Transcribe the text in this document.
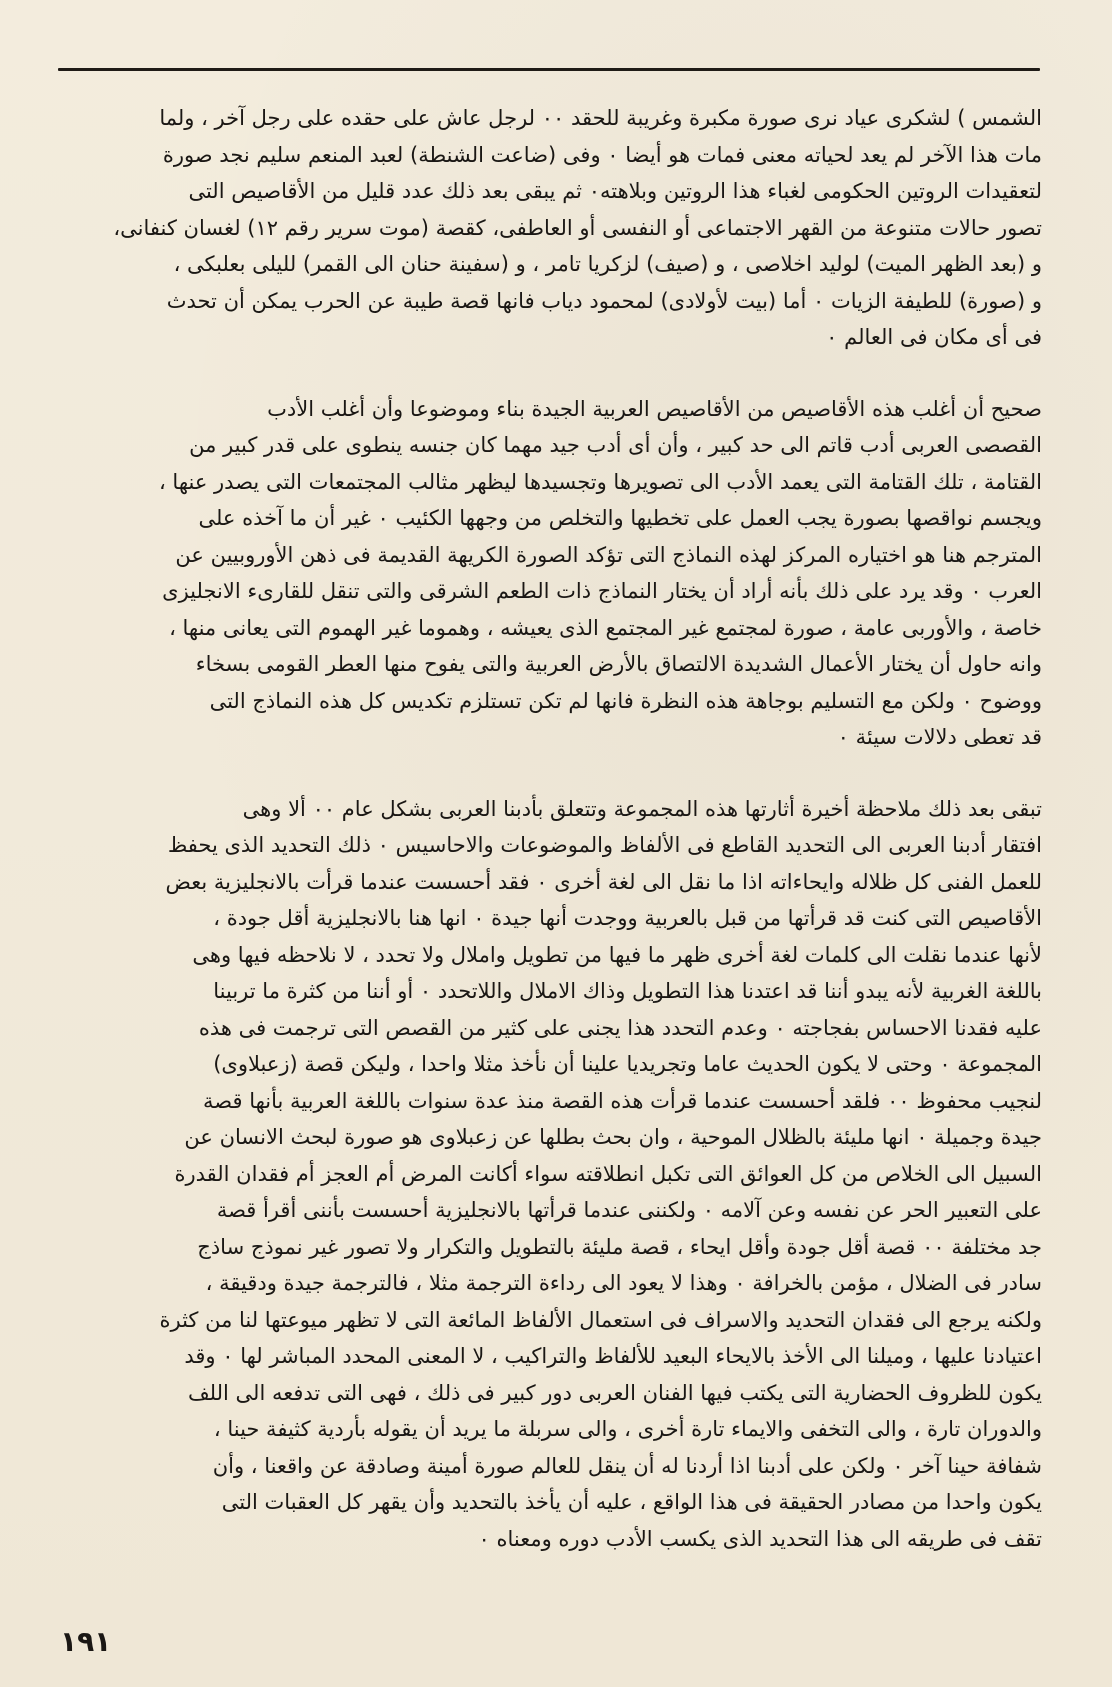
الشمس ) لشكرى عياد نرى صورة مكبرة وغريبة للحقد ٠٠ لرجل عاش على حقده على رجل آخر ، ولما
مات هذا الآخر لم يعد لحياته معنى فمات هو أيضا ٠ وفى (ضاعت الشنطة) لعبد المنعم سليم نجد صورة
لتعقيدات الروتين الحكومى لغباء هذا الروتين وبلاهته٠ ثم يبقى بعد ذلك عدد قليل من الأقاصيص التى
تصور حالات متنوعة من القهر الاجتماعى أو النفسى أو العاطفى، كقصة (موت سرير رقم ١٢) لغسان كنفانى،
و (بعد الظهر الميت) لوليد اخلاصى ، و (صيف) لزكريا تامر ، و (سفينة حنان الى القمر) لليلى بعلبكى ،
و (صورة) للطيفة الزيات ٠ أما (بيت لأولادى) لمحمود دياب فانها قصة طيبة عن الحرب يمكن أن تحدث
فى أى مكان فى العالم ٠

صحيح أن أغلب هذه الأقاصيص من الأقاصيص العربية الجيدة بناء وموضوعا وأن أغلب الأدب
القصصى العربى أدب قاتم الى حد كبير ، وأن أى أدب جيد مهما كان جنسه ينطوى على قدر كبير من
القتامة ، تلك القتامة التى يعمد الأدب الى تصويرها وتجسيدها ليظهر مثالب المجتمعات التى يصدر عنها ،
ويجسم نواقصها بصورة يجب العمل على تخطيها والتخلص من وجهها الكئيب ٠ غير أن ما آخذه على
المترجم هنا هو اختياره المركز لهذه النماذج التى تؤكد الصورة الكريهة القديمة فى ذهن الأوروبيين عن
العرب ٠ وقد يرد على ذلك بأنه أراد أن يختار النماذج ذات الطعم الشرقى والتى تنقل للقارىء الانجليزى
خاصة ، والأوربى عامة ، صورة لمجتمع غير المجتمع الذى يعيشه ، وهموما غير الهموم التى يعانى منها ،
وانه حاول أن يختار الأعمال الشديدة الالتصاق بالأرض العربية والتى يفوح منها العطر القومى بسخاء
ووضوح ٠ ولكن مع التسليم بوجاهة هذه النظرة فانها لم تكن تستلزم تكديس كل هذه النماذج التى
قد تعطى دلالات سيئة ٠

تبقى بعد ذلك ملاحظة أخيرة أثارتها هذه المجموعة وتتعلق بأدبنا العربى بشكل عام ٠٠ ألا وهى
افتقار أدبنا العربى الى التحديد القاطع فى الألفاظ والموضوعات والاحاسيس ٠ ذلك التحديد الذى يحفظ
للعمل الفنى كل ظلاله وايحاءاته اذا ما نقل الى لغة أخرى ٠ فقد أحسست عندما قرأت بالانجليزية بعض
الأقاصيص التى كنت قد قرأتها من قبل بالعربية ووجدت أنها جيدة ٠ انها هنا بالانجليزية أقل جودة ،
لأنها عندما نقلت الى كلمات لغة أخرى ظهر ما فيها من تطويل واملال ولا تحدد ، لا نلاحظه فيها وهى
باللغة الغربية لأنه يبدو أننا قد اعتدنا هذا التطويل وذاك الاملال واللاتحدد ٠ أو أننا من كثرة ما تربينا
عليه فقدنا الاحساس بفجاجته ٠ وعدم التحدد هذا يجنى على كثير من القصص التى ترجمت فى هذه
المجموعة ٠ وحتى لا يكون الحديث عاما وتجريديا علينا أن نأخذ مثلا واحدا ، وليكن قصة (زعبلاوى)
لنجيب محفوظ ٠٠ فلقد أحسست عندما قرأت هذه القصة منذ عدة سنوات باللغة العربية بأنها قصة
جيدة وجميلة ٠ انها مليئة بالظلال الموحية ، وان بحث بطلها عن زعبلاوى هو صورة لبحث الانسان عن
السبيل الى الخلاص من كل العوائق التى تكبل انطلاقته سواء أكانت المرض أم العجز أم فقدان القدرة
على التعبير الحر عن نفسه وعن آلامه ٠ ولكننى عندما قرأتها بالانجليزية أحسست بأننى أقرأ قصة
جد مختلفة ٠٠ قصة أقل جودة وأقل ايحاء ، قصة مليئة بالتطويل والتكرار ولا تصور غير نموذج ساذج
سادر فى الضلال ، مؤمن بالخرافة ٠ وهذا لا يعود الى رداءة الترجمة مثلا ، فالترجمة جيدة ودقيقة ،
ولكنه يرجع الى فقدان التحديد والاسراف فى استعمال الألفاظ المائعة التى لا تظهر ميوعتها لنا من كثرة
اعتيادنا عليها ، وميلنا الى الأخذ بالايحاء البعيد للألفاظ والتراكيب ، لا المعنى المحدد المباشر لها ٠ وقد
يكون للظروف الحضارية التى يكتب فيها الفنان العربى دور كبير فى ذلك ، فهى التى تدفعه الى اللف
والدوران تارة ، والى التخفى والايماء تارة أخرى ، والى سربلة ما يريد أن يقوله بأردية كثيفة حينا ،
شفافة حينا آخر ٠ ولكن على أدبنا اذا أردنا له أن ينقل للعالم صورة أمينة وصادقة عن واقعنا ، وأن
يكون واحدا من مصادر الحقيقة فى هذا الواقع ، عليه أن يأخذ بالتحديد وأن يقهر كل العقبات التى
تقف فى طريقه الى هذا التحديد الذى يكسب الأدب دوره ومعناه ٠

١٩١
